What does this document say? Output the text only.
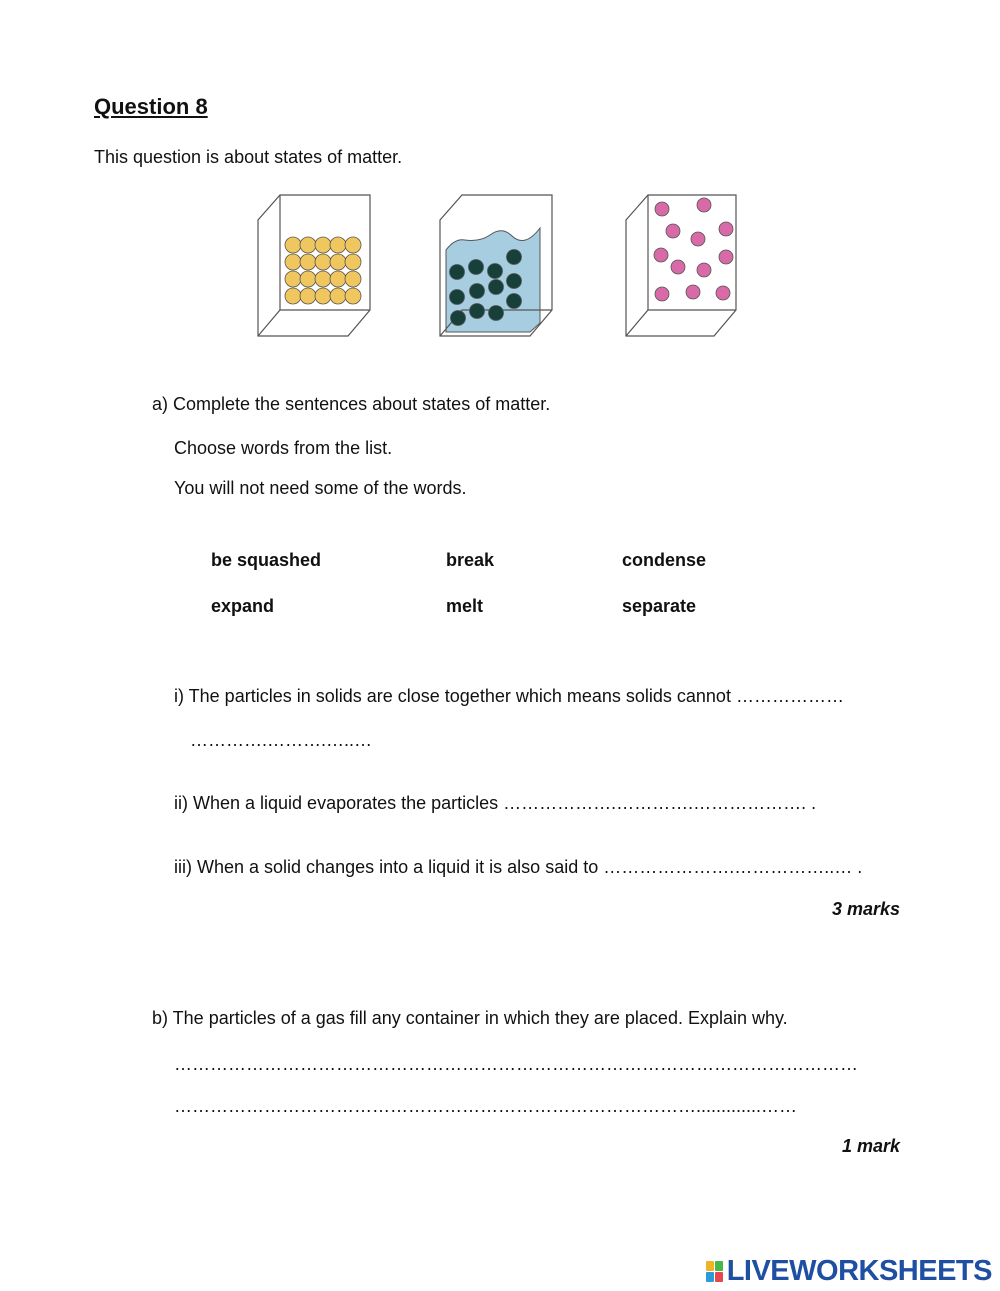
Question 8
This question is about states of matter.
a) Complete the sentences about states of matter.
Choose words from the list.
You will not need some of the words.
be squashed	break	condense
expand	melt	separate
i) The particles in solids are close together which means solids cannot ………………
………….……….…..…
ii) When a liquid evaporates the particles ……………….………….………………. .
iii) When a solid changes into a liquid it is also said to ………………….……………..… .
3 marks
b) The particles of a gas fill any container in which they are placed. Explain why.
……………………………………………………………………………………………………
…………………………………………………………………………….............……
1 mark
LIVEWORKSHEETS
